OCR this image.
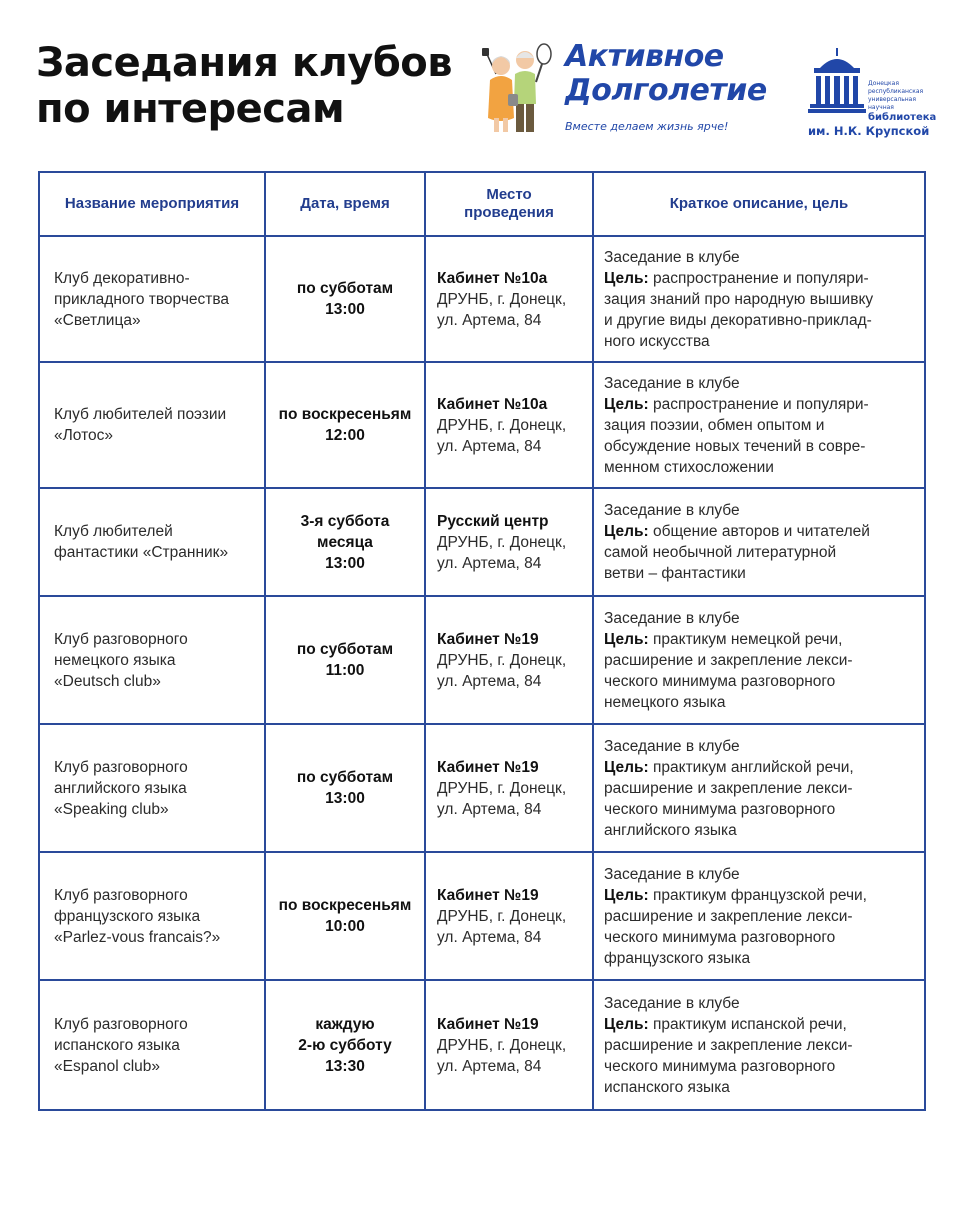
Заседания клубов
по интересам
Активное
Долголетие
Вместе делаем жизнь ярче!
Донецкая
республиканская
универсальная
научная
библиотека
им. Н.К. Крупской
Название мероприятия	Дата, время	Место проведения	Краткое описание, цель

Клуб декоративно-
прикладного творчества
«Светлица»	по субботам
13:00	Кабинет №10а
ДРУНБ, г. Донецк,
ул. Артема, 84	Заседание в клубе
Цель: распространение и популяри-
зация знаний про народную вышивку
и другие виды декоративно-приклад-
ного искусства

Клуб любителей поэзии
«Лотос»	по воскресеньям
12:00	Кабинет №10а
ДРУНБ, г. Донецк,
ул. Артема, 84	Заседание в клубе
Цель: распространение и популяри-
зация поэзии, обмен опытом и
обсуждение новых течений в совре-
менном стихосложении

Клуб любителей
фантастики «Странник»	3-я суббота
месяца
13:00	Русский центр
ДРУНБ, г. Донецк,
ул. Артема, 84	Заседание в клубе
Цель: общение авторов и читателей
самой необычной литературной
ветви – фантастики

Клуб разговорного
немецкого языка
«Deutsch club»	по субботам
11:00	Кабинет №19
ДРУНБ, г. Донецк,
ул. Артема, 84	Заседание в клубе
Цель: практикум немецкой речи,
расширение и закрепление лекси-
ческого минимума разговорного
немецкого языка

Клуб разговорного
английского языка
«Speaking club»	по субботам
13:00	Кабинет №19
ДРУНБ, г. Донецк,
ул. Артема, 84	Заседание в клубе
Цель: практикум английской речи,
расширение и закрепление лекси-
ческого минимума разговорного
английского языка

Клуб разговорного
французского языка
«Parlez-vous francais?»	по воскресеньям
10:00	Кабинет №19
ДРУНБ, г. Донецк,
ул. Артема, 84	Заседание в клубе
Цель: практикум французской речи,
расширение и закрепление лекси-
ческого минимума разговорного
французского языка

Клуб разговорного
испанского языка
«Espanol club»	каждую
2-ю субботу
13:30	Кабинет №19
ДРУНБ, г. Донецк,
ул. Артема, 84	Заседание в клубе
Цель: практикум испанской речи,
расширение и закрепление лекси-
ческого минимума разговорного
испанского языка
